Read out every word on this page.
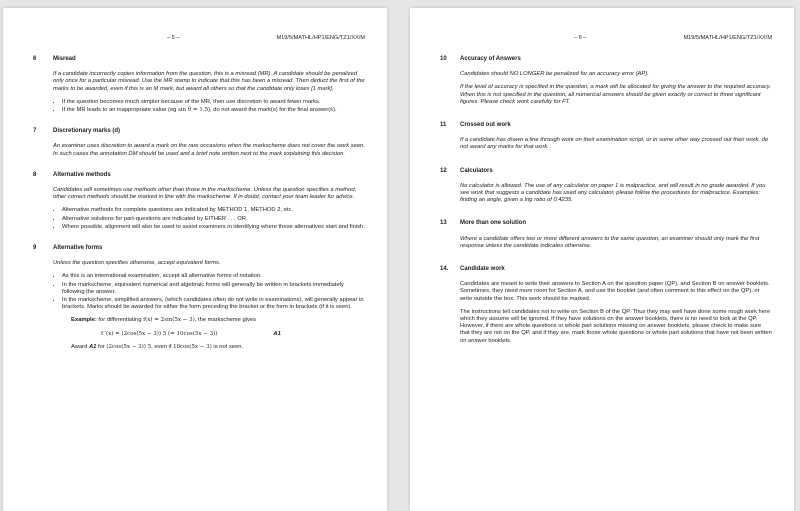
– 5 –	M19/5/MATHL/HP1/ENG/TZ1/XX/M
6	Misread

If a candidate incorrectly copies information from the question, this is a misread (MR). A candidate should be penalized only once for a particular misread. Use the MR stamp to indicate that this has been a misread. Then deduct the first of the marks to be awarded, even if this is an M mark, but award all others so that the candidate only loses [1 mark].

• If the question becomes much simpler because of the MR, then use discretion to award fewer marks.
• If the MR leads to an inappropriate value (eg sin θ = 1.5), do not award the mark(s) for the final answer(s).
7	Discretionary marks (d)

An examiner uses discretion to award a mark on the rare occasions when the markscheme does not cover the work seen. In such cases the annotation DM should be used and a brief note written next to the mark explaining this decision.

8	Alternative methods

Candidates will sometimes use methods other than those in the markscheme. Unless the question specifies a method, other correct methods should be marked in line with the markscheme. If in doubt, contact your team leader for advice.

• Alternative methods for complete questions are indicated by METHOD 1, METHOD 2, etc.
• Alternative solutions for part-questions are indicated by EITHER . . . OR.
• Where possible, alignment will also be used to assist examiners in identifying where these alternatives start and finish.
9	Alternative forms

Unless the question specifies otherwise, accept equivalent forms.

• As this is an international examination, accept all alternative forms of notation.
• In the markscheme, equivalent numerical and algebraic forms will generally be written in brackets immediately following the answer.
• In the markscheme, simplified answers, (which candidates often do not write in examinations), will generally appear in brackets. Marks should be awarded for either the form preceding the bracket or the form in brackets (if it is seen).

Example: for differentiating f(x) = 2sin(5x − 3), the markscheme gives

f ′(x) = (2cos(5x − 3)) 5 (= 10cos(5x − 3))	A1

Award A1 for (2cos(5x − 3)) 5, even if 10cos(5x − 3) is not seen.

– 6 –	M19/5/MATHL/HP1/ENG/TZ1/XX/M
10	Accuracy of Answers

Candidates should NO LONGER be penalized for an accuracy error (AP).

If the level of accuracy is specified in the question, a mark will be allocated for giving the answer to the required accuracy. When this is not specified in the question, all numerical answers should be given exactly or correct to three significant figures. Please check work carefully for FT.

11	Crossed out work

If a candidate has drawn a line through work on their examination script, or in some other way crossed out their work, do not award any marks for that work.

12	Calculators

No calculator is allowed. The use of any calculator on paper 1 is malpractice, and will result in no grade awarded. If you see work that suggests a candidate has used any calculator, please follow the procedures for malpractice. Examples: finding an angle, given a trig ratio of 0.4235.

13	More than one solution

Where a candidate offers two or more different answers to the same question, an examiner should only mark the first response unless the candidate indicates otherwise.

14.	Candidate work

Candidates are meant to write their answers to Section A on the question paper (QP), and Section B on answer booklets. Sometimes, they need more room for Section A, and use the booklet (and often comment to this effect on the QP), or write outside the box. This work should be marked.

The instructions tell candidates not to write on Section B of the QP. Thus they may well have done some rough work here which they assume will be ignored. If they have solutions on the answer booklets, there is no need to look at the QP. However, if there are whole questions or whole part solutions missing on answer booklets, please check to make sure that they are not on the QP, and if they are, mark those whole questions or whole part solutions that have not been written on answer booklets.
